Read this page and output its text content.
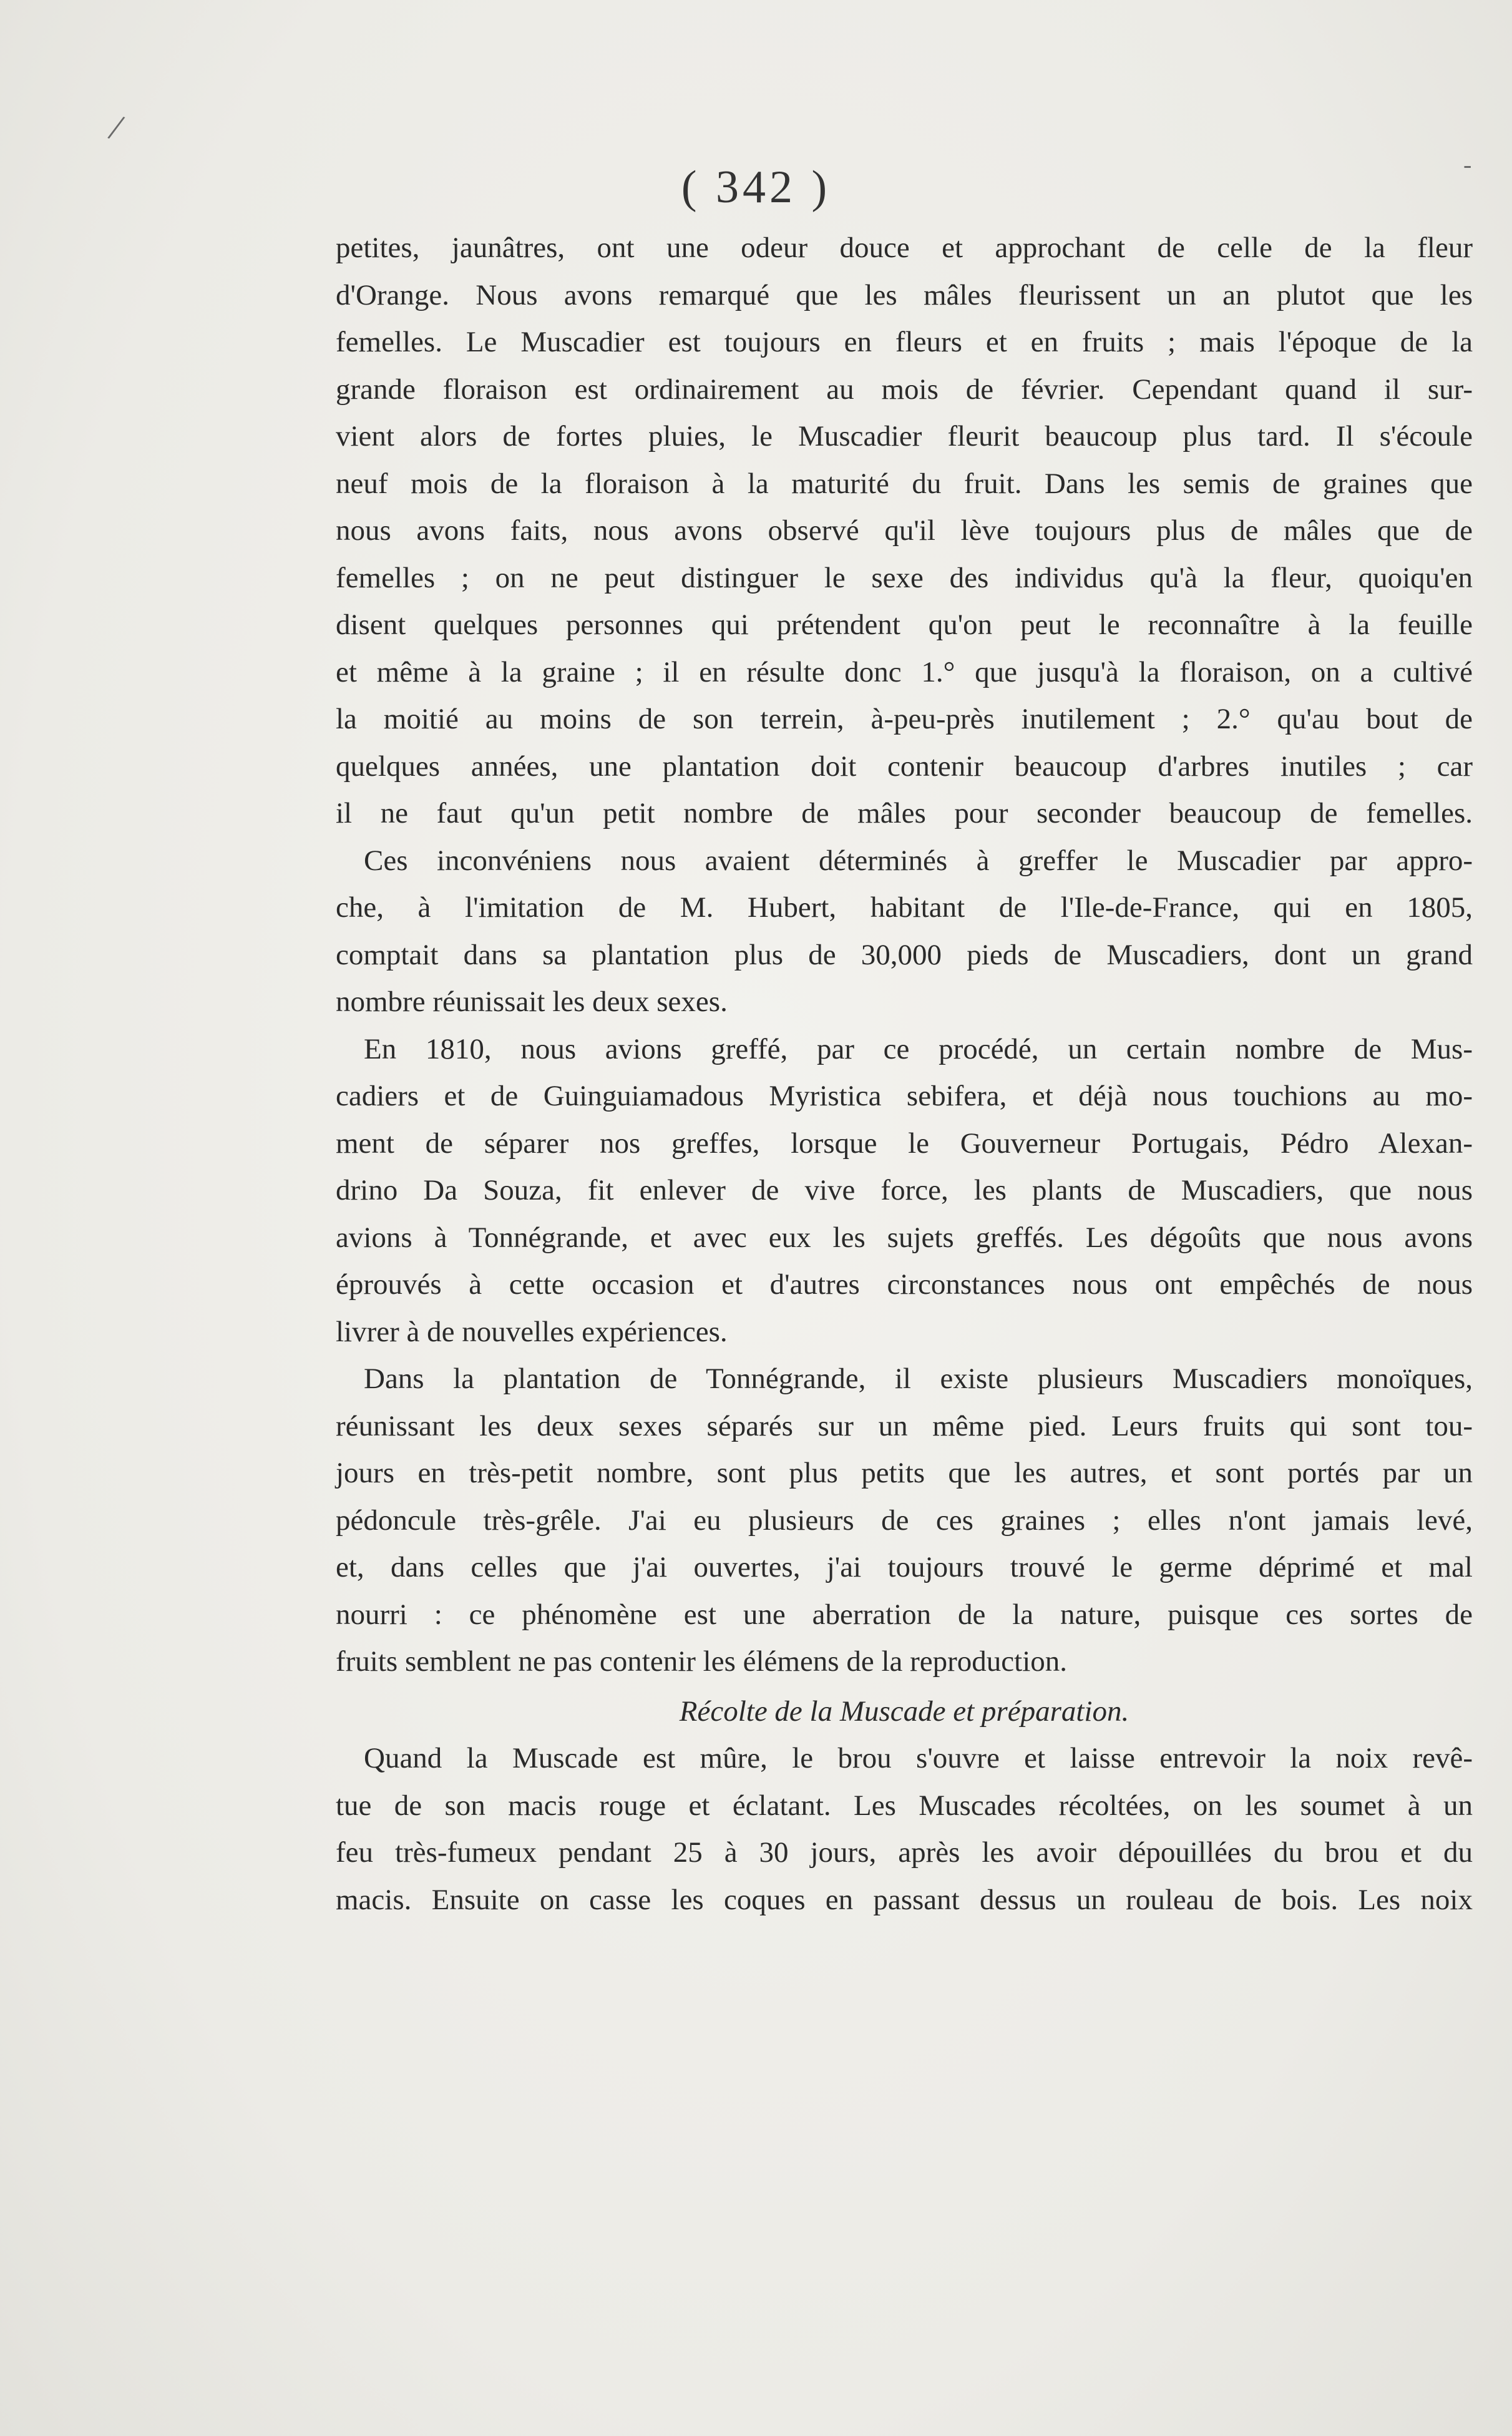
/
-
( 342 )
petites, jaunâtres, ont une odeur douce et approchant de celle de la fleur
d'Orange. Nous avons remarqué que les mâles fleurissent un an plutot que les
femelles. Le Muscadier est toujours en fleurs et en fruits ; mais l'époque de la
grande floraison est ordinairement au mois de février. Cependant quand il sur-
vient alors de fortes pluies, le Muscadier fleurit beaucoup plus tard. Il s'écoule
neuf mois de la floraison à la maturité du fruit. Dans les semis de graines que
nous avons faits, nous avons observé qu'il lève toujours plus de mâles que de
femelles ; on ne peut distinguer le sexe des individus qu'à la fleur, quoiqu'en
disent quelques personnes qui prétendent qu'on peut le reconnaître à la feuille
et même à la graine ; il en résulte donc 1.° que jusqu'à la floraison, on a cultivé
la moitié au moins de son terrein, à-peu-près inutilement ; 2.° qu'au bout de
quelques années, une plantation doit contenir beaucoup d'arbres inutiles ; car
il ne faut qu'un petit nombre de mâles pour seconder beaucoup de femelles.
Ces inconvéniens nous avaient déterminés à greffer le Muscadier par appro-
che, à l'imitation de M. Hubert, habitant de l'Ile-de-France, qui en 1805,
comptait dans sa plantation plus de 30,000 pieds de Muscadiers, dont un grand
nombre réunissait les deux sexes.
En 1810, nous avions greffé, par ce procédé, un certain nombre de Mus-
cadiers et de Guinguiamadous Myristica sebifera, et déjà nous touchions au mo-
ment de séparer nos greffes, lorsque le Gouverneur Portugais, Pédro Alexan-
drino Da Souza, fit enlever de vive force, les plants de Muscadiers, que nous
avions à Tonnégrande, et avec eux les sujets greffés. Les dégoûts que nous avons
éprouvés à cette occasion et d'autres circonstances nous ont empêchés de nous
livrer à de nouvelles expériences.
Dans la plantation de Tonnégrande, il existe plusieurs Muscadiers monoïques,
réunissant les deux sexes séparés sur un même pied. Leurs fruits qui sont tou-
jours en très-petit nombre, sont plus petits que les autres, et sont portés par un
pédoncule très-grêle. J'ai eu plusieurs de ces graines ; elles n'ont jamais levé,
et, dans celles que j'ai ouvertes, j'ai toujours trouvé le germe déprimé et mal
nourri : ce phénomène est une aberration de la nature, puisque ces sortes de
fruits semblent ne pas contenir les élémens de la reproduction.
Récolte de la Muscade et préparation.
Quand la Muscade est mûre, le brou s'ouvre et laisse entrevoir la noix revê-
tue de son macis rouge et éclatant. Les Muscades récoltées, on les soumet à un
feu très-fumeux pendant 25 à 30 jours, après les avoir dépouillées du brou et du
macis. Ensuite on casse les coques en passant dessus un rouleau de bois. Les noix
